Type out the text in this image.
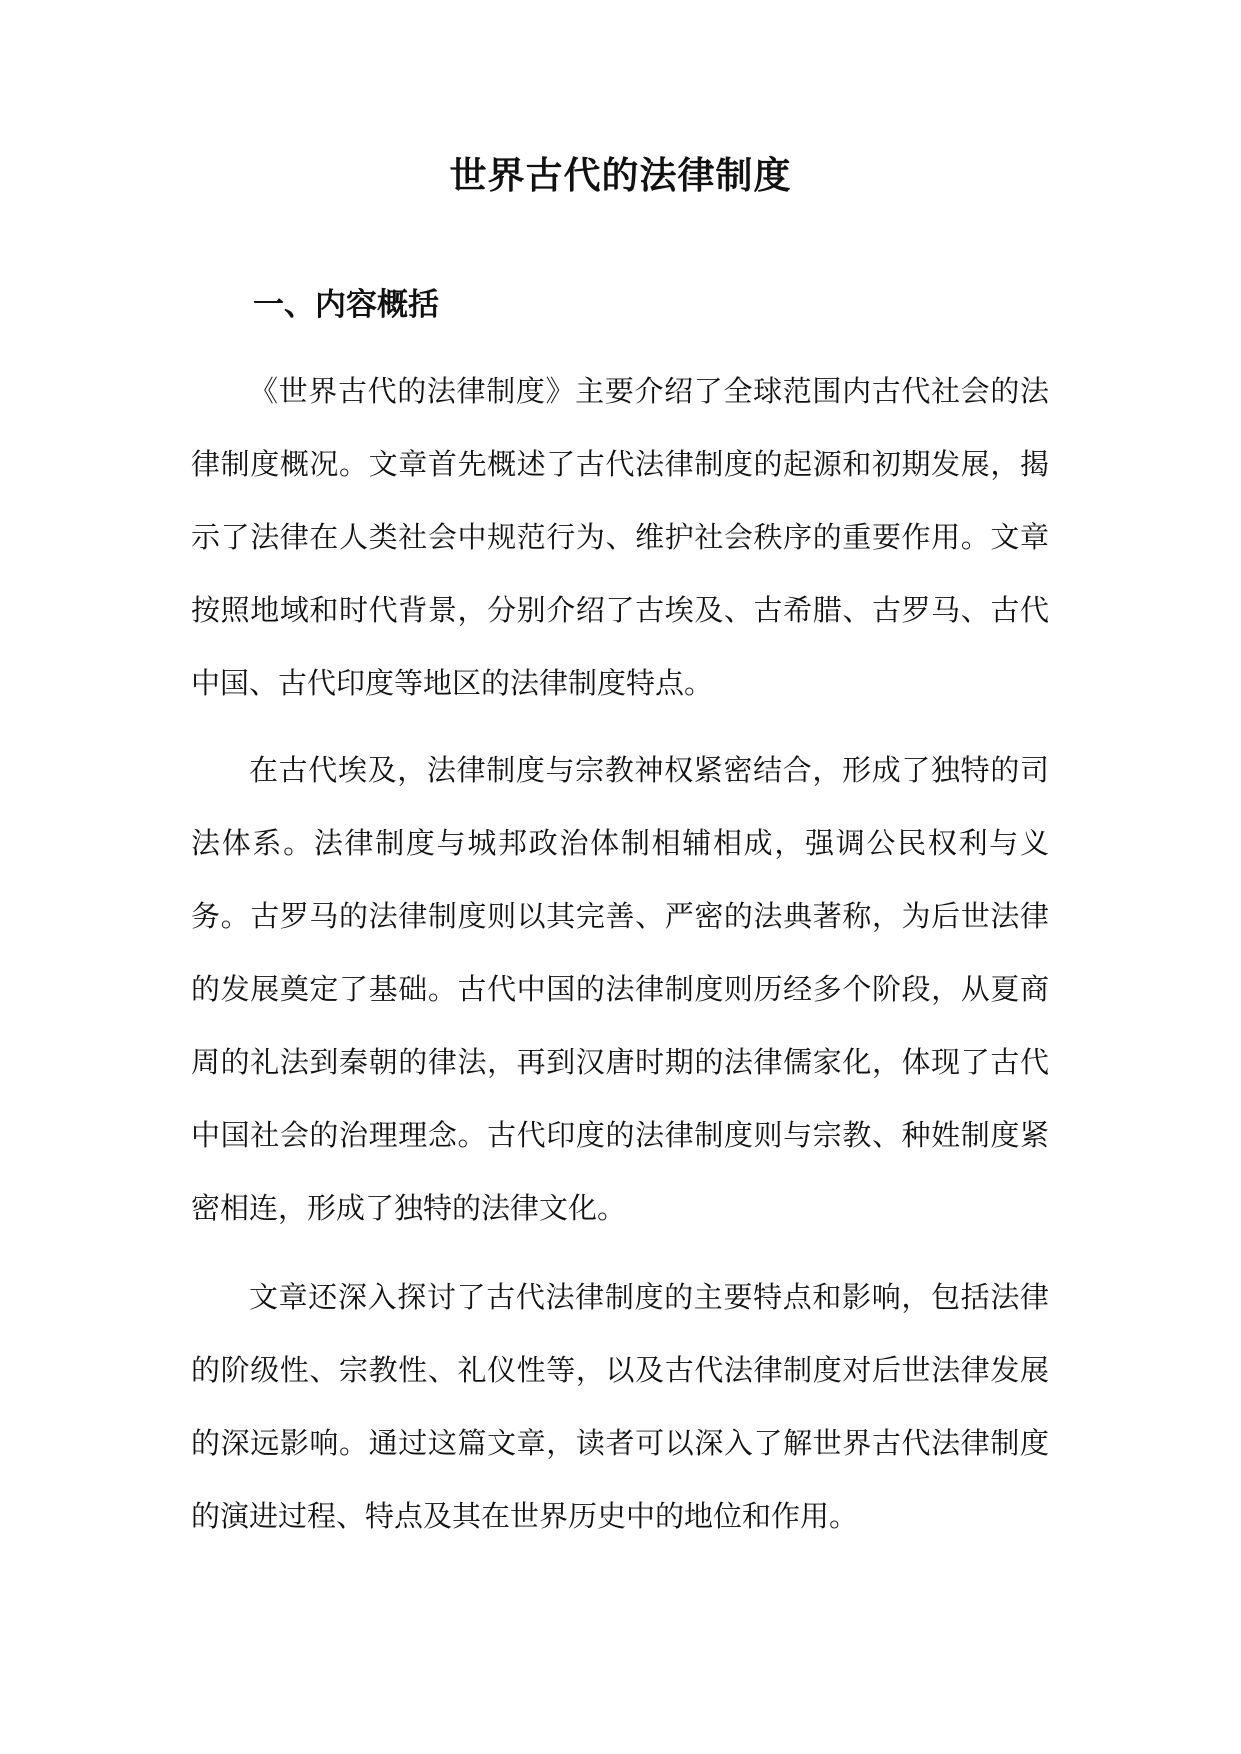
世界古代的法律制度
一、内容概括

《世界古代的法律制度》主要介绍了全球范围内古代社会的法律制度概况。文章首先概述了古代法律制度的起源和初期发展，揭示了法律在人类社会中规范行为、维护社会秩序的重要作用。文章按照地域和时代背景，分别介绍了古埃及、古希腊、古罗马、古代中国、古代印度等地区的法律制度特点。

在古代埃及，法律制度与宗教神权紧密结合，形成了独特的司法体系。法律制度与城邦政治体制相辅相成，强调公民权利与义务。古罗马的法律制度则以其完善、严密的法典著称，为后世法律的发展奠定了基础。古代中国的法律制度则历经多个阶段，从夏商周的礼法到秦朝的律法，再到汉唐时期的法律儒家化，体现了古代中国社会的治理理念。古代印度的法律制度则与宗教、种姓制度紧密相连，形成了独特的法律文化。

文章还深入探讨了古代法律制度的主要特点和影响，包括法律的阶级性、宗教性、礼仪性等，以及古代法律制度对后世法律发展的深远影响。通过这篇文章，读者可以深入了解世界古代法律制度的演进过程、特点及其在世界历史中的地位和作用。
